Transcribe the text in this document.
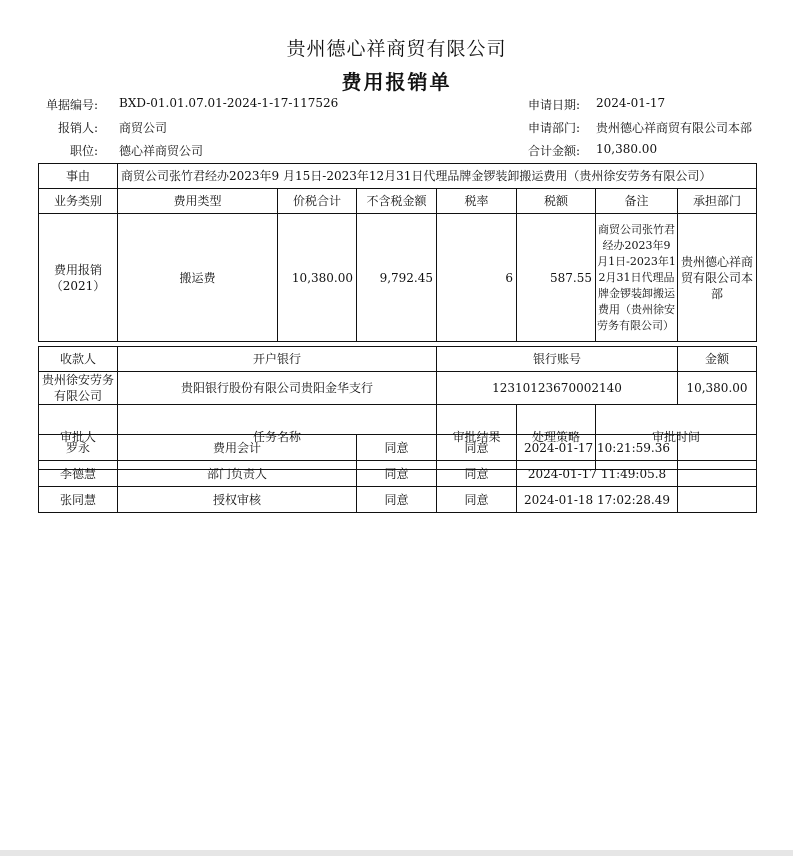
贵州德心祥商贸有限公司
费用报销单
单据编号: BXD-01.01.07.01-2024-1-17-117526
报销人: 商贸公司
职位: 德心祥商贸公司
申请日期: 2024-01-17
申请部门: 贵州德心祥商贸有限公司本部
合计金额: 10,380.00
事由	商贸公司张竹君经办2023年9 月15日-2023年12月31日代理品牌金锣装卸搬运费用（贵州徐安劳务有限公司）							
业务类别	费用类型	价税合计	不含税金额	税率	税额	备注	承担部门	
费用报销（2021）	搬运费	10,380.00	9,792.45	6	587.55	商贸公司张竹君经办2023年9 月1日-2023年12月31日代理品牌金锣装卸搬运费用（贵州徐安劳务有限公司）	贵州德心祥商贸有限公司本部	

收款人	开户银行			银行账号			金额	
贵州徐安劳务有限公司	贵阳银行股份有限公司贵阳金华支行			12310123670002140			10,380.00	
审批人	任务名称			审批结果	处理策略	审批时间	
罗永	费用会计	同意	同意	2024-01-17 10:21:59.36	
李德慧	部门负责人	同意	同意	2024-01-17 11:49:05.8	
张同慧	授权审核	同意	同意	2024-01-18 17:02:28.49	
